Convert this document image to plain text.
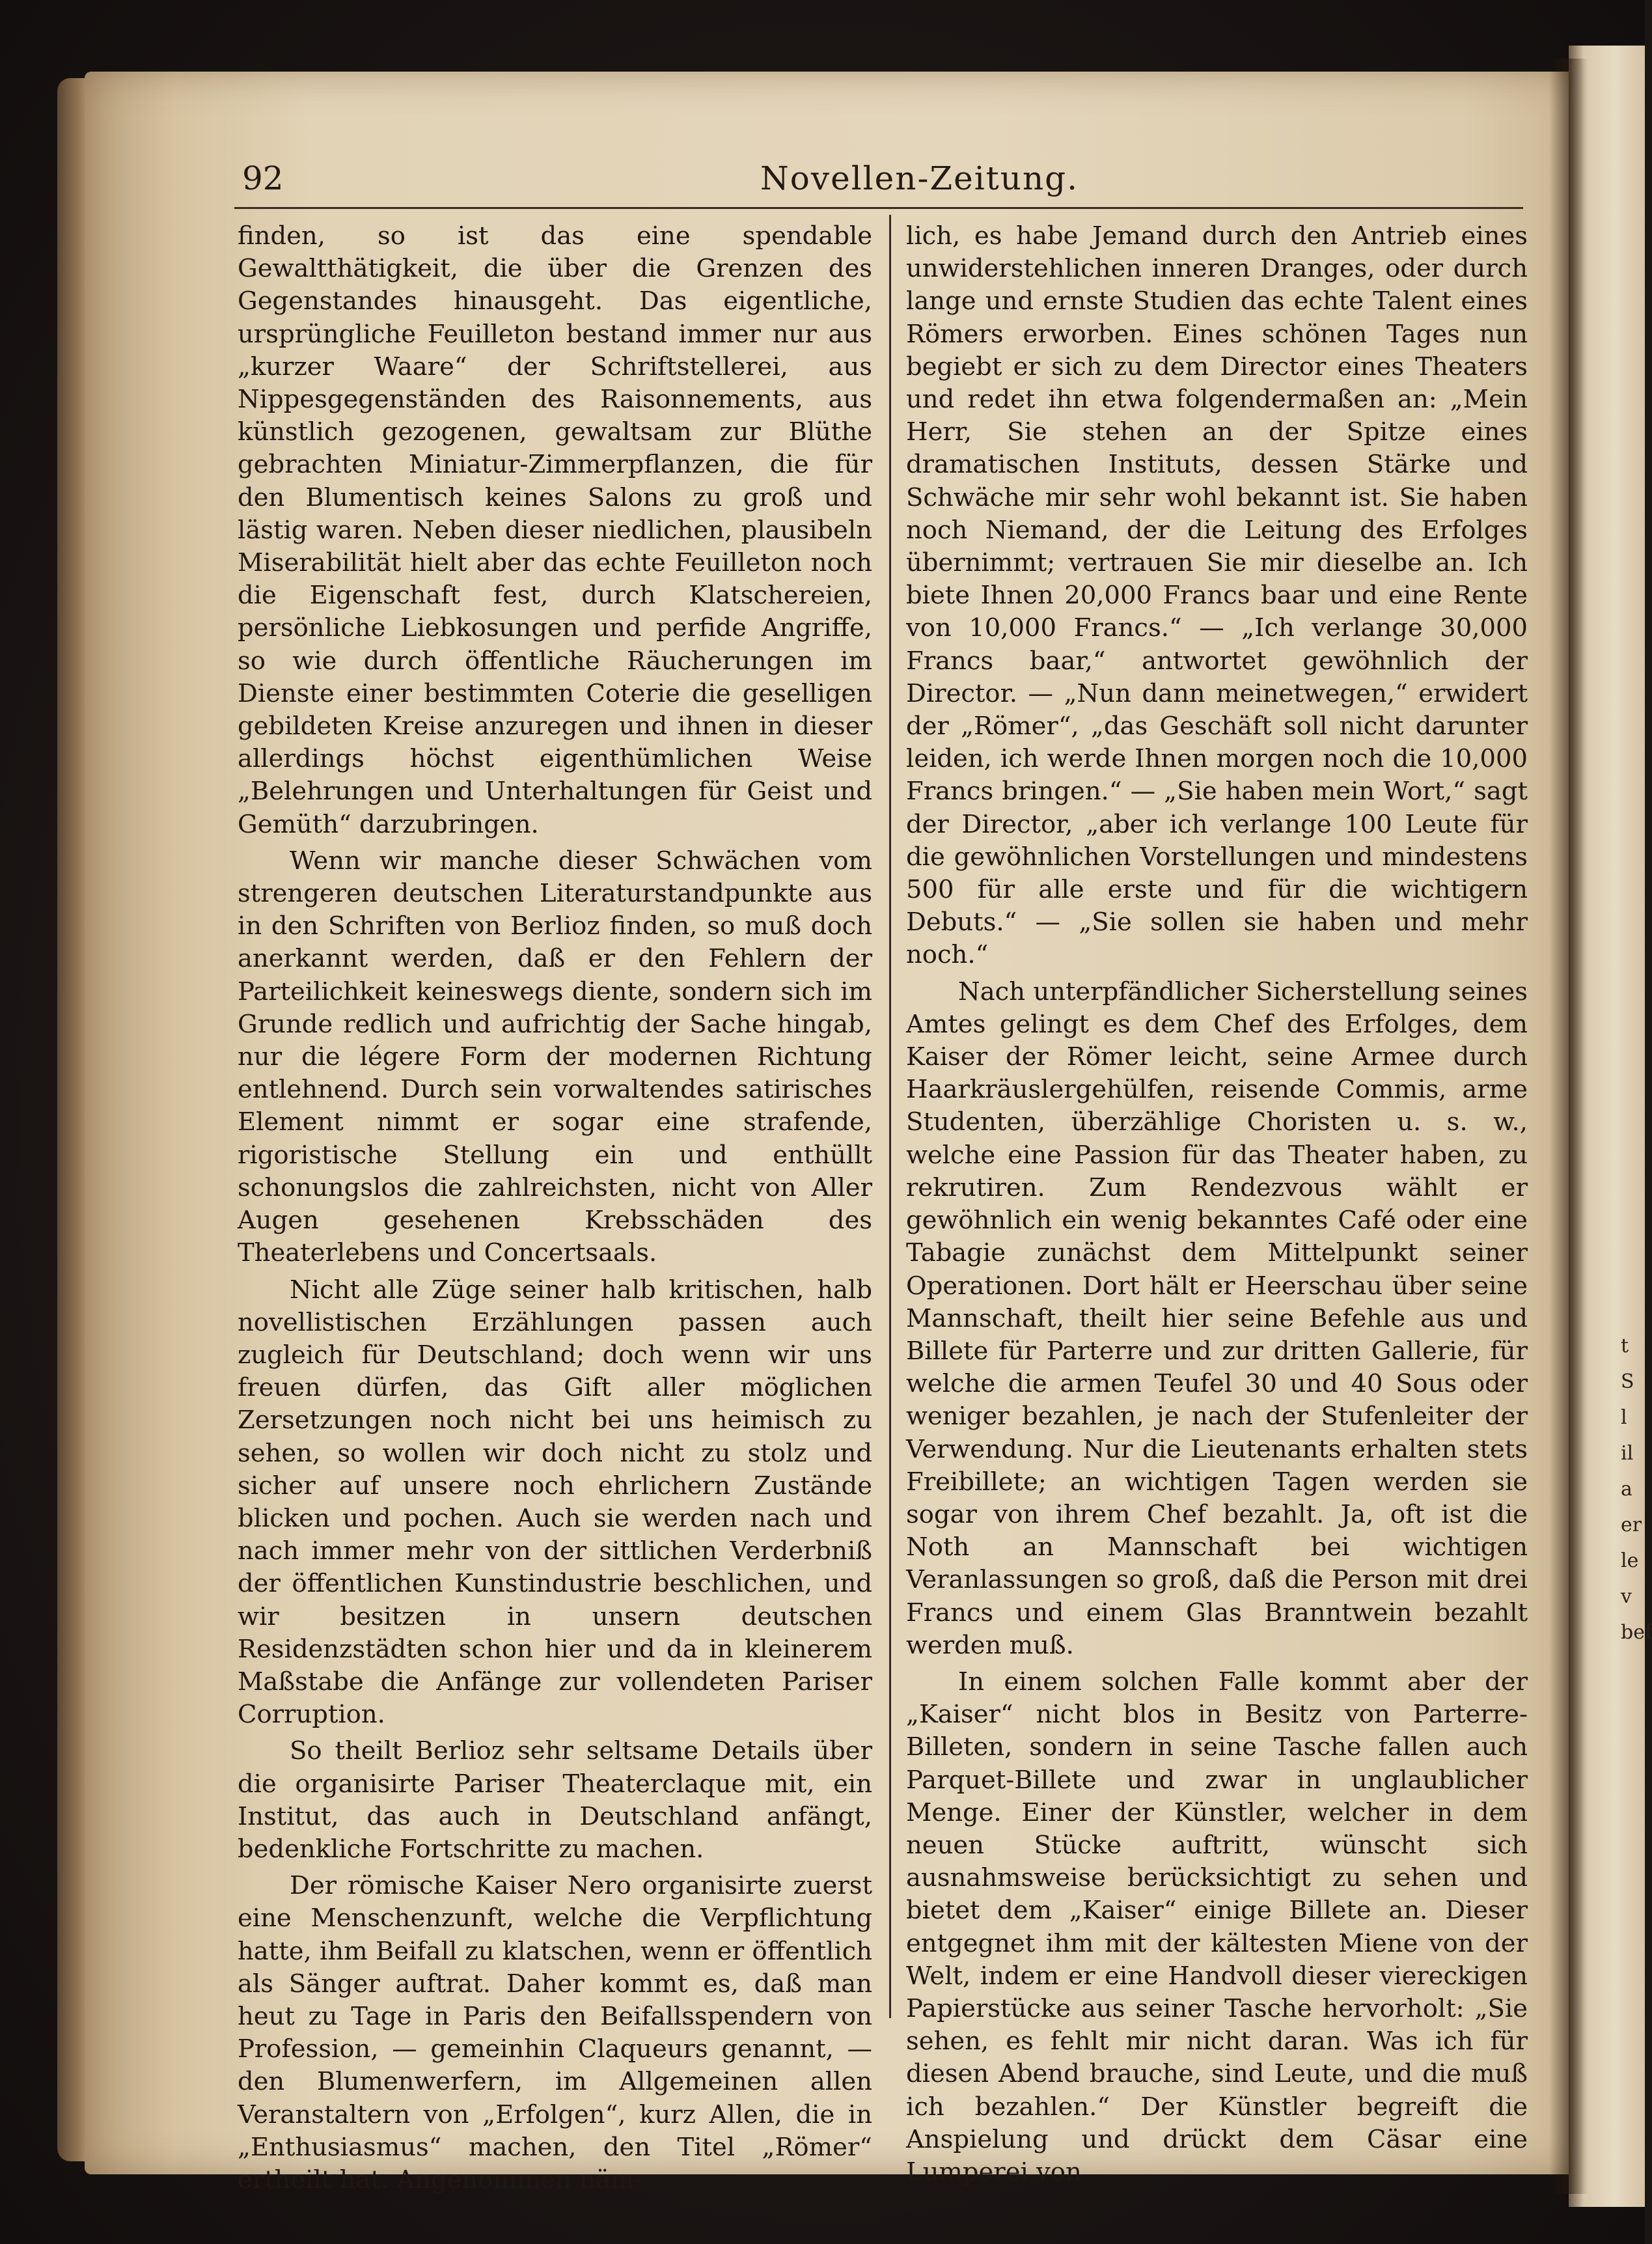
92	Novellen-Zeitung.

finden, so ist das eine spendable Gewaltthätigkeit, die über die Grenzen des Gegenstandes hinausgeht. Das eigentliche, ursprüngliche Feuilleton bestand immer nur aus „kurzer Waare“ der Schriftstellerei, aus Nippesgegenständen des Raisonnements, aus künstlich gezogenen, gewaltsam zur Blüthe gebrachten Miniatur-Zimmerpflanzen, die für den Blumentisch keines Salons zu groß und lästig waren. Neben dieser niedlichen, plausibeln Miserabilität hielt aber das echte Feuilleton noch die Eigenschaft fest, durch Klatschereien, persönliche Liebkosungen und perfide Angriffe, so wie durch öffentliche Räucherungen im Dienste einer bestimmten Coterie die geselligen gebildeten Kreise anzuregen und ihnen in dieser allerdings höchst eigenthümlichen Weise „Belehrungen und Unterhaltungen für Geist und Gemüth“ darzubringen.

Wenn wir manche dieser Schwächen vom strengeren deutschen Literaturstandpunkte aus in den Schriften von Berlioz finden, so muß doch anerkannt werden, daß er den Fehlern der Parteilichkeit keineswegs diente, sondern sich im Grunde redlich und aufrichtig der Sache hingab, nur die légere Form der modernen Richtung entlehnend. Durch sein vorwaltendes satirisches Element nimmt er sogar eine strafende, rigoristische Stellung ein und enthüllt schonungslos die zahlreichsten, nicht von Aller Augen gesehenen Krebsschäden des Theaterlebens und Concertsaals.

Nicht alle Züge seiner halb kritischen, halb novellistischen Erzählungen passen auch zugleich für Deutschland; doch wenn wir uns freuen dürfen, das Gift aller möglichen Zersetzungen noch nicht bei uns heimisch zu sehen, so wollen wir doch nicht zu stolz und sicher auf unsere noch ehrlichern Zustände blicken und pochen. Auch sie werden nach und nach immer mehr von der sittlichen Verderbniß der öffentlichen Kunstindustrie beschlichen, und wir besitzen in unsern deutschen Residenzstädten schon hier und da in kleinerem Maßstabe die Anfänge zur vollendeten Pariser Corruption.

So theilt Berlioz sehr seltsame Details über die organisirte Pariser Theaterclaque mit, ein Institut, das auch in Deutschland anfängt, bedenkliche Fortschritte zu machen.

Der römische Kaiser Nero organisirte zuerst eine Menschenzunft, welche die Verpflichtung hatte, ihm Beifall zu klatschen, wenn er öffentlich als Sänger auftrat. Daher kommt es, daß man heut zu Tage in Paris den Beifallsspendern von Profession, — gemeinhin Claqueurs genannt, — den Blumenwerfern, im Allgemeinen allen Veranstaltern von „Erfolgen“, kurz Allen, die in „Enthusiasmus“ machen, den Titel „Römer“ ertheilt hat. Angenommen näm-

lich, es habe Jemand durch den Antrieb eines unwiderstehlichen inneren Dranges, oder durch lange und ernste Studien das echte Talent eines Römers erworben. Eines schönen Tages nun begiebt er sich zu dem Director eines Theaters und redet ihn etwa folgendermaßen an: „Mein Herr, Sie stehen an der Spitze eines dramatischen Instituts, dessen Stärke und Schwäche mir sehr wohl bekannt ist. Sie haben noch Niemand, der die Leitung des Erfolges übernimmt; vertrauen Sie mir dieselbe an. Ich biete Ihnen 20,000 Francs baar und eine Rente von 10,000 Francs.“ — „Ich verlange 30,000 Francs baar,“ antwortet gewöhnlich der Director. — „Nun dann meinetwegen,“ erwidert der „Römer“, „das Geschäft soll nicht darunter leiden, ich werde Ihnen morgen noch die 10,000 Francs bringen.“ — „Sie haben mein Wort,“ sagt der Director, „aber ich verlange 100 Leute für die gewöhnlichen Vorstellungen und mindestens 500 für alle erste und für die wichtigern Debuts.“ — „Sie sollen sie haben und mehr noch.“

Nach unterpfändlicher Sicherstellung seines Amtes gelingt es dem Chef des Erfolges, dem Kaiser der Römer leicht, seine Armee durch Haarkräuslergehülfen, reisende Commis, arme Studenten, überzählige Choristen u. s. w., welche eine Passion für das Theater haben, zu rekrutiren. Zum Rendezvous wählt er gewöhnlich ein wenig bekanntes Café oder eine Tabagie zunächst dem Mittelpunkt seiner Operationen. Dort hält er Heerschau über seine Mannschaft, theilt hier seine Befehle aus und Billete für Parterre und zur dritten Gallerie, für welche die armen Teufel 30 und 40 Sous oder weniger bezahlen, je nach der Stufenleiter der Verwendung. Nur die Lieutenants erhalten stets Freibillete; an wichtigen Tagen werden sie sogar von ihrem Chef bezahlt. Ja, oft ist die Noth an Mannschaft bei wichtigen Veranlassungen so groß, daß die Person mit drei Francs und einem Glas Branntwein bezahlt werden muß.

In einem solchen Falle kommt aber der „Kaiser“ nicht blos in Besitz von Parterre-Billeten, sondern in seine Tasche fallen auch Parquet-Billete und zwar in unglaublicher Menge. Einer der Künstler, welcher in dem neuen Stücke auftritt, wünscht sich ausnahmsweise berücksichtigt zu sehen und bietet dem „Kaiser“ einige Billete an. Dieser entgegnet ihm mit der kältesten Miene von der Welt, indem er eine Handvoll dieser viereckigen Papierstücke aus seiner Tasche hervorholt: „Sie sehen, es fehlt mir nicht daran. Was ich für diesen Abend brauche, sind Leute, und die muß ich bezahlen.“ Der Künstler begreift die Anspielung und drückt dem Cäsar eine Lumperei von

t
S
l
il
a
er
le
v
bef
